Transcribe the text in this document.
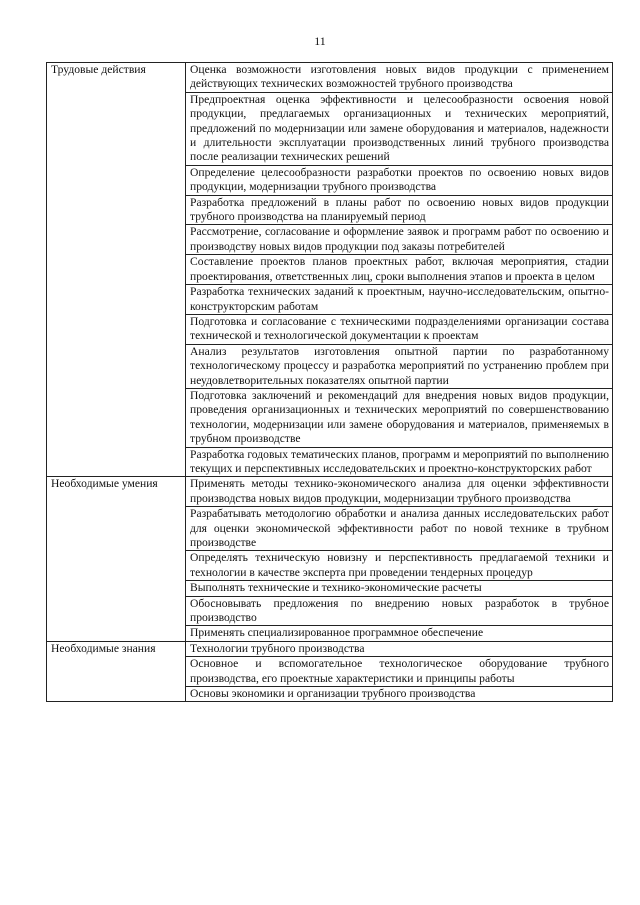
11
Трудовые действия	Оценка возможности изготовления новых видов продукции с применением действующих технических возможностей трубного производства
	Предпроектная оценка эффективности и целесообразности освоения новой продукции, предлагаемых организационных и технических мероприятий, предложений по модернизации или замене оборудования и материалов, надежности и длительности эксплуатации производственных линий трубного производства после реализации технических решений
	Определение целесообразности разработки проектов по освоению новых видов продукции, модернизации трубного производства
	Разработка предложений в планы работ по освоению новых видов продукции трубного производства на планируемый период
	Рассмотрение, согласование и оформление заявок и программ работ по освоению и производству новых видов продукции под заказы потребителей
	Составление проектов планов проектных работ, включая мероприятия, стадии проектирования, ответственных лиц, сроки выполнения этапов и проекта в целом
	Разработка технических заданий к проектным, научно-исследовательским, опытно-конструкторским работам
	Подготовка и согласование с техническими подразделениями организации состава технической и технологической документации к проектам
	Анализ результатов изготовления опытной партии по разработанному технологическому процессу и разработка мероприятий по устранению проблем при неудовлетворительных показателях опытной партии
	Подготовка заключений и рекомендаций для внедрения новых видов продукции, проведения организационных и технических мероприятий по совершенствованию технологии, модернизации или замене оборудования и материалов, применяемых в трубном производстве
	Разработка годовых тематических планов, программ и мероприятий по выполнению текущих и перспективных исследовательских и проектно-конструкторских работ
Необходимые умения	Применять методы технико-экономического анализа для оценки эффективности производства новых видов продукции, модернизации трубного производства
	Разрабатывать методологию обработки и анализа данных исследовательских работ для оценки экономической эффективности работ по новой технике в трубном производстве
	Определять техническую новизну и перспективность предлагаемой техники и технологии в качестве эксперта при проведении тендерных процедур
	Выполнять технические и технико-экономические расчеты
	Обосновывать предложения по внедрению новых разработок в трубное производство
	Применять специализированное программное обеспечение
Необходимые знания	Технологии трубного производства
	Основное и вспомогательное технологическое оборудование трубного производства, его проектные характеристики и принципы работы
	Основы экономики и организации трубного производства
